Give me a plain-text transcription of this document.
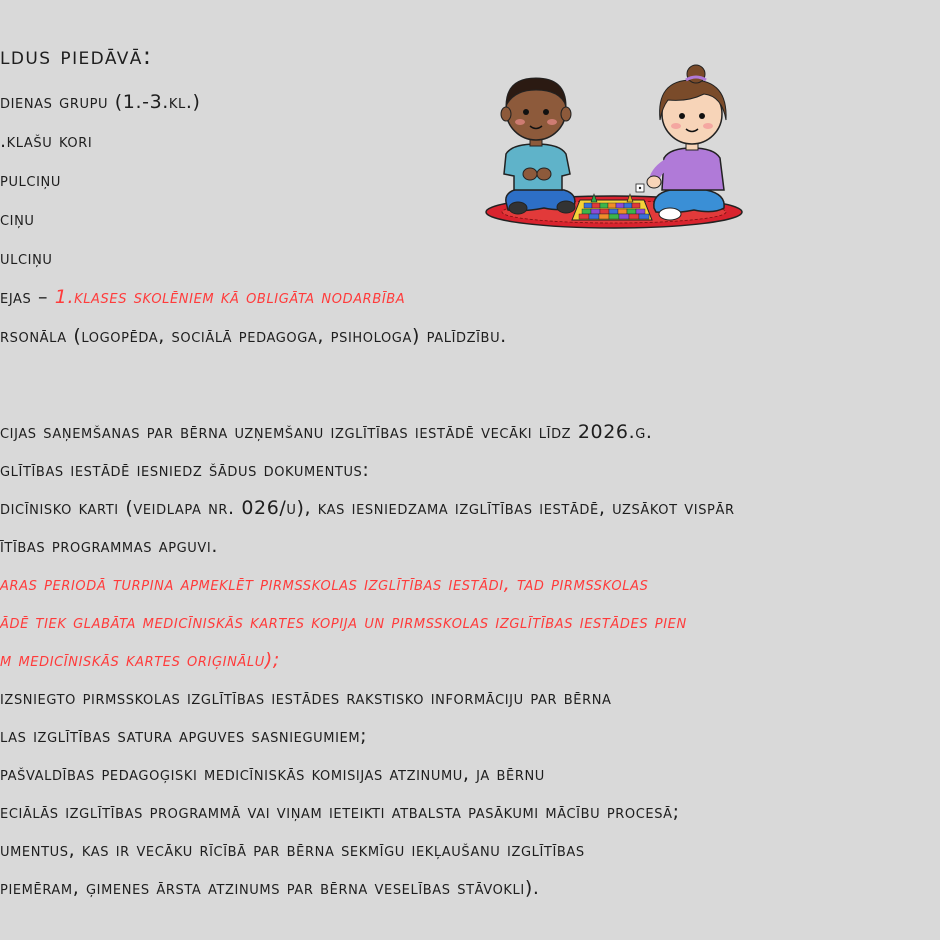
ldus piedāvā:
dienas grupu (1.-3.kl.)
.klašu kori
pulciņu
ciņu
ulciņu
ejas – 1.klases skolēniem kā obligāta nodarbība
rsonāla (logopēda, sociālā pedagoga, psihologa) palīdzību.
cijas saņemšanas par bērna uzņemšanu izglītības iestādē vecāki līdz 2026.g.
glītības iestādē iesniedz šādus dokumentus:
dicīnisko karti (veidlapa nr. 026/u), kas iesniedzama izglītības iestādē, uzsākot vispār
ītības programmas apguvi.
aras periodā turpina apmeklēt pirmsskolas izglītības iestādi, tad pirmsskolas
ādē tiek glabāta medicīniskās kartes kopija un pirmsskolas izglītības iestādes pien
m medicīniskās kartes oriģinālu);
izsniegto pirmsskolas izglītības iestādes rakstisko informāciju par bērna
las izglītības satura apguves sasniegumiem;
pašvaldības pedagoģiski medicīniskās komisijas atzinumu, ja bērnu
eciālās izglītības programmā vai viņam ieteikti atbalsta pasākumi mācību procesā;
umentus, kas ir vecāku rīcībā par bērna sekmīgu iekļaušanu izglītības
piemēram, ģimenes ārsta atzinums par bērna veselības stāvokli).
